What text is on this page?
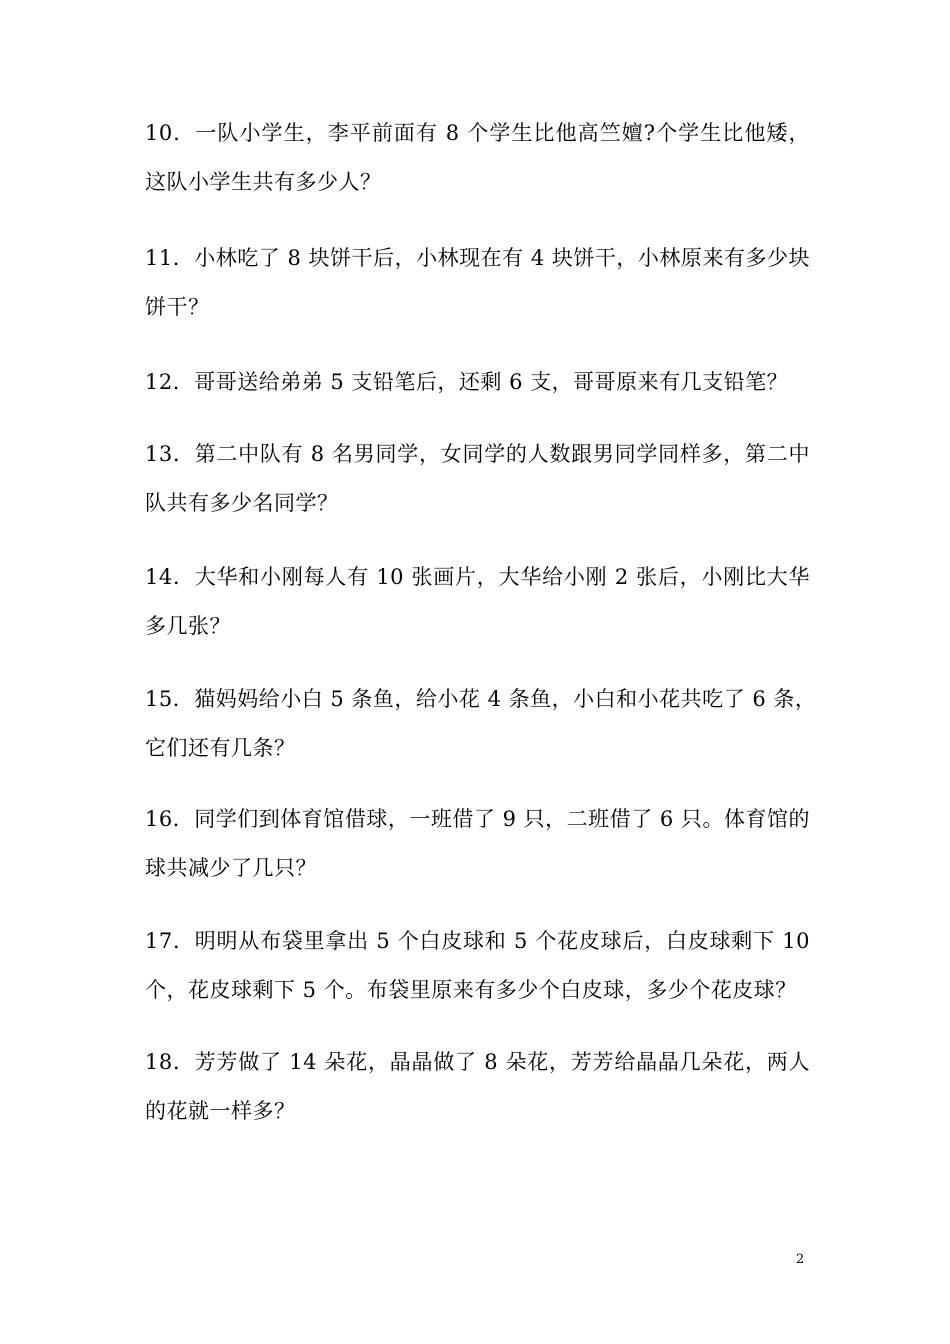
10．一队小学生，李平前面有 8 个学生比他高竺嬗?个学生比他矮，
这队小学生共有多少人？
11．小林吃了 8 块饼干后，小林现在有 4 块饼干，小林原来有多少块
饼干？
12．哥哥送给弟弟 5 支铅笔后，还剩 6 支，哥哥原来有几支铅笔？
13．第二中队有 8 名男同学，女同学的人数跟男同学同样多，第二中
队共有多少名同学？
14．大华和小刚每人有 10 张画片，大华给小刚 2 张后，小刚比大华
多几张？
15．猫妈妈给小白 5 条鱼，给小花 4 条鱼，小白和小花共吃了 6 条，
它们还有几条？
16．同学们到体育馆借球，一班借了 9 只，二班借了 6 只。体育馆的
球共减少了几只？
17．明明从布袋里拿出 5 个白皮球和 5 个花皮球后，白皮球剩下 10
个，花皮球剩下 5 个。布袋里原来有多少个白皮球，多少个花皮球？
18．芳芳做了 14 朵花，晶晶做了 8 朵花，芳芳给晶晶几朵花，两人
的花就一样多？
2
